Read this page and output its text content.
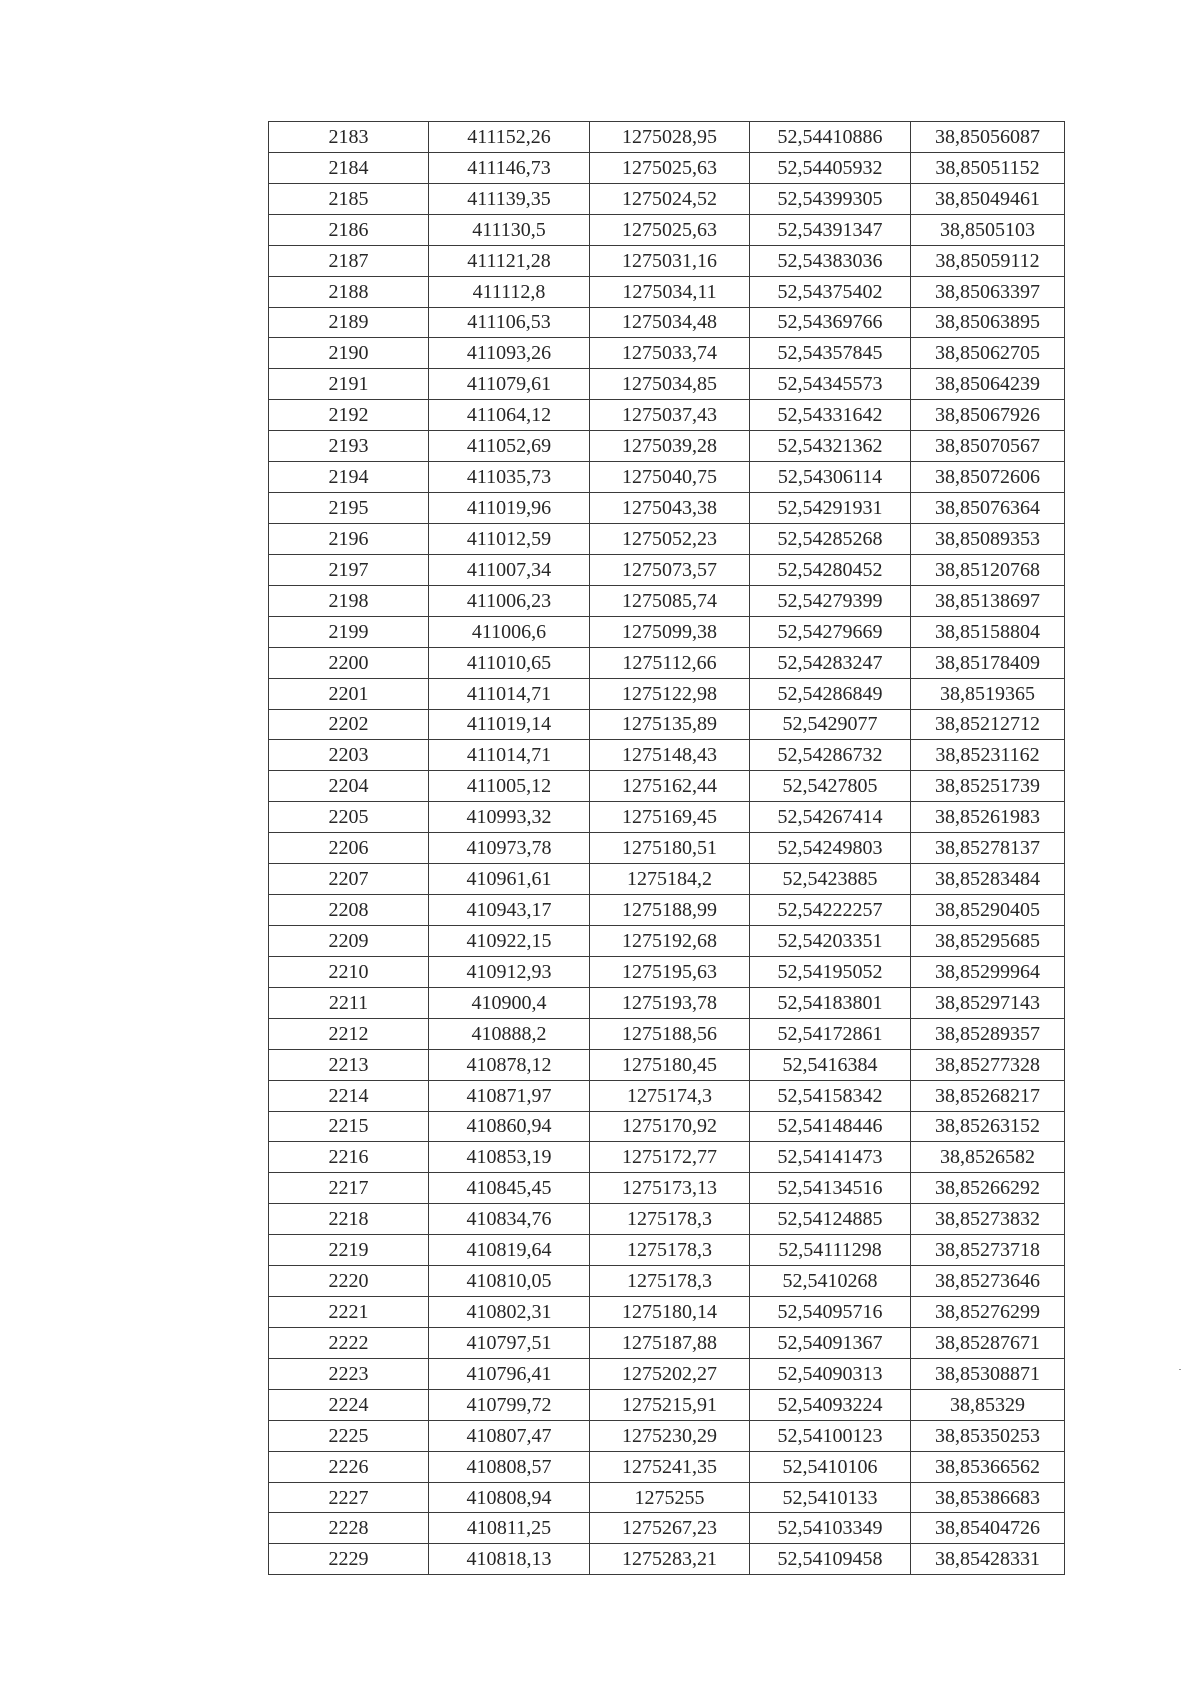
2183	411152,26	1275028,95	52,54410886	38,85056087
2184	411146,73	1275025,63	52,54405932	38,85051152
2185	411139,35	1275024,52	52,54399305	38,85049461
2186	411130,5	1275025,63	52,54391347	38,8505103
2187	411121,28	1275031,16	52,54383036	38,85059112
2188	411112,8	1275034,11	52,54375402	38,85063397
2189	411106,53	1275034,48	52,54369766	38,85063895
2190	411093,26	1275033,74	52,54357845	38,85062705
2191	411079,61	1275034,85	52,54345573	38,85064239
2192	411064,12	1275037,43	52,54331642	38,85067926
2193	411052,69	1275039,28	52,54321362	38,85070567
2194	411035,73	1275040,75	52,54306114	38,85072606
2195	411019,96	1275043,38	52,54291931	38,85076364
2196	411012,59	1275052,23	52,54285268	38,85089353
2197	411007,34	1275073,57	52,54280452	38,85120768
2198	411006,23	1275085,74	52,54279399	38,85138697
2199	411006,6	1275099,38	52,54279669	38,85158804
2200	411010,65	1275112,66	52,54283247	38,85178409
2201	411014,71	1275122,98	52,54286849	38,8519365
2202	411019,14	1275135,89	52,5429077	38,85212712
2203	411014,71	1275148,43	52,54286732	38,85231162
2204	411005,12	1275162,44	52,5427805	38,85251739
2205	410993,32	1275169,45	52,54267414	38,85261983
2206	410973,78	1275180,51	52,54249803	38,85278137
2207	410961,61	1275184,2	52,5423885	38,85283484
2208	410943,17	1275188,99	52,54222257	38,85290405
2209	410922,15	1275192,68	52,54203351	38,85295685
2210	410912,93	1275195,63	52,54195052	38,85299964
2211	410900,4	1275193,78	52,54183801	38,85297143
2212	410888,2	1275188,56	52,54172861	38,85289357
2213	410878,12	1275180,45	52,5416384	38,85277328
2214	410871,97	1275174,3	52,54158342	38,85268217
2215	410860,94	1275170,92	52,54148446	38,85263152
2216	410853,19	1275172,77	52,54141473	38,8526582
2217	410845,45	1275173,13	52,54134516	38,85266292
2218	410834,76	1275178,3	52,54124885	38,85273832
2219	410819,64	1275178,3	52,54111298	38,85273718
2220	410810,05	1275178,3	52,5410268	38,85273646
2221	410802,31	1275180,14	52,54095716	38,85276299
2222	410797,51	1275187,88	52,54091367	38,85287671
2223	410796,41	1275202,27	52,54090313	38,85308871
2224	410799,72	1275215,91	52,54093224	38,85329
2225	410807,47	1275230,29	52,54100123	38,85350253
2226	410808,57	1275241,35	52,5410106	38,85366562
2227	410808,94	1275255	52,5410133	38,85386683
2228	410811,25	1275267,23	52,54103349	38,85404726
2229	410818,13	1275283,21	52,54109458	38,85428331
